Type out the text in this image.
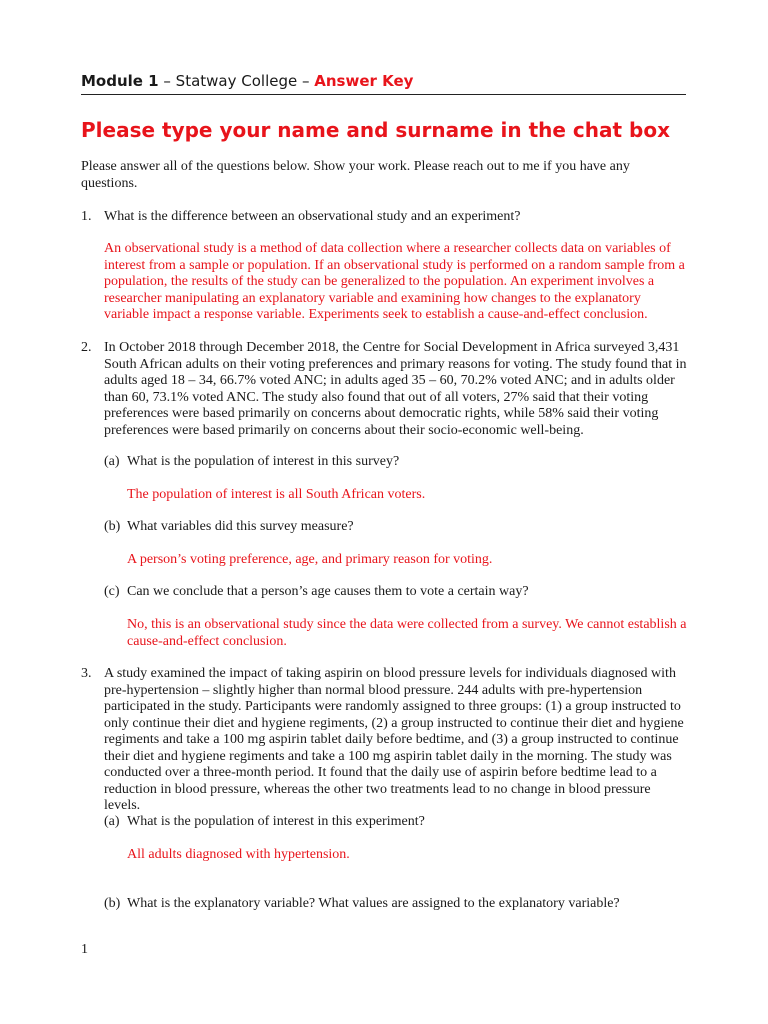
Module 1 – Statway College – Answer Key
Please type your name and surname in the chat box

Please answer all of the questions below. Show your work. Please reach out to me if you have any questions.

1. What is the difference between an observational study and an experiment?

An observational study is a method of data collection where a researcher collects data on variables of interest from a sample or population. If an observational study is performed on a random sample from a population, the results of the study can be generalized to the population. An experiment involves a researcher manipulating an explanatory variable and examining how changes to the explanatory variable impact a response variable. Experiments seek to establish a cause-and-effect conclusion.

2. In October 2018 through December 2018, the Centre for Social Development in Africa surveyed 3,431 South African adults on their voting preferences and primary reasons for voting. The study found that in adults aged 18 – 34, 66.7% voted ANC; in adults aged 35 – 60, 70.2% voted ANC; and in adults older than 60, 73.1% voted ANC. The study also found that out of all voters, 27% said that their voting preferences were based primarily on concerns about democratic rights, while 58% said their voting preferences were based primarily on concerns about their socio-economic well-being.

(a) What is the population of interest in this survey?

The population of interest is all South African voters.

(b) What variables did this survey measure?

A person’s voting preference, age, and primary reason for voting.

(c) Can we conclude that a person’s age causes them to vote a certain way?

No, this is an observational study since the data were collected from a survey. We cannot establish a cause-and-effect conclusion.

3. A study examined the impact of taking aspirin on blood pressure levels for individuals diagnosed with pre-hypertension – slightly higher than normal blood pressure. 244 adults with pre-hypertension participated in the study. Participants were randomly assigned to three groups: (1) a group instructed to only continue their diet and hygiene regiments, (2) a group instructed to continue their diet and hygiene regiments and take a 100 mg aspirin tablet daily before bedtime, and (3) a group instructed to continue their diet and hygiene regiments and take a 100 mg aspirin tablet daily in the morning. The study was conducted over a three-month period. It found that the daily use of aspirin before bedtime lead to a reduction in blood pressure, whereas the other two treatments lead to no change in blood pressure levels.

(a) What is the population of interest in this experiment?

All adults diagnosed with hypertension.

(b) What is the explanatory variable? What values are assigned to the explanatory variable?

1
